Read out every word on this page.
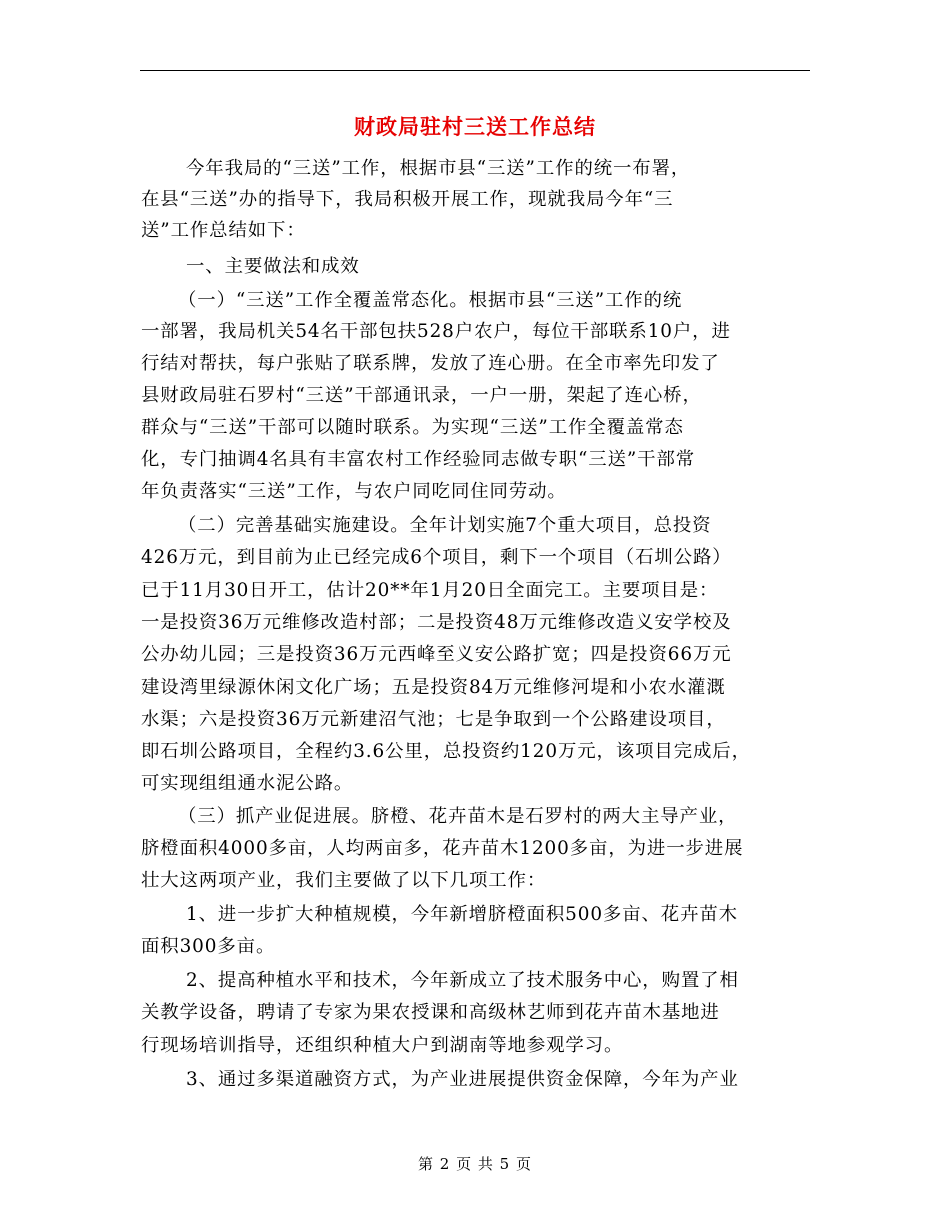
财政局驻村三送工作总结
今年我局的“三送”工作，根据市县“三送”工作的统一布署，
在县“三送”办的指导下，我局积极开展工作，现就我局今年“三
送”工作总结如下：
一、主要做法和成效
（一）“三送”工作全覆盖常态化。根据市县“三送”工作的统
一部署，我局机关54名干部包扶528户农户，每位干部联系10户，进
行结对帮扶，每户张贴了联系牌，发放了连心册。在全市率先印发了
县财政局驻石罗村“三送”干部通讯录，一户一册，架起了连心桥，
群众与“三送”干部可以随时联系。为实现“三送”工作全覆盖常态
化，专门抽调4名具有丰富农村工作经验同志做专职“三送”干部常
年负责落实“三送”工作，与农户同吃同住同劳动。
（二）完善基础实施建设。全年计划实施7个重大项目，总投资
426万元，到目前为止已经完成6个项目，剩下一个项目（石圳公路）
已于11月30日开工，估计20**年1月20日全面完工。主要项目是：
一是投资36万元维修改造村部；二是投资48万元维修改造义安学校及
公办幼儿园；三是投资36万元西峰至义安公路扩宽；四是投资66万元
建设湾里绿源休闲文化广场；五是投资84万元维修河堤和小农水灌溉
水渠；六是投资36万元新建沼气池；七是争取到一个公路建设项目，
即石圳公路项目，全程约3.6公里，总投资约120万元，该项目完成后，
可实现组组通水泥公路。
（三）抓产业促进展。脐橙、花卉苗木是石罗村的两大主导产业，
脐橙面积4000多亩，人均两亩多，花卉苗木1200多亩，为进一步进展
壮大这两项产业，我们主要做了以下几项工作：
1、进一步扩大种植规模，今年新增脐橙面积500多亩、花卉苗木
面积300多亩。
2、提高种植水平和技术，今年新成立了技术服务中心，购置了相
关教学设备，聘请了专家为果农授课和高级林艺师到花卉苗木基地进
行现场培训指导，还组织种植大户到湖南等地参观学习。
3、通过多渠道融资方式，为产业进展提供资金保障，今年为产业
第 2 页 共 5 页
